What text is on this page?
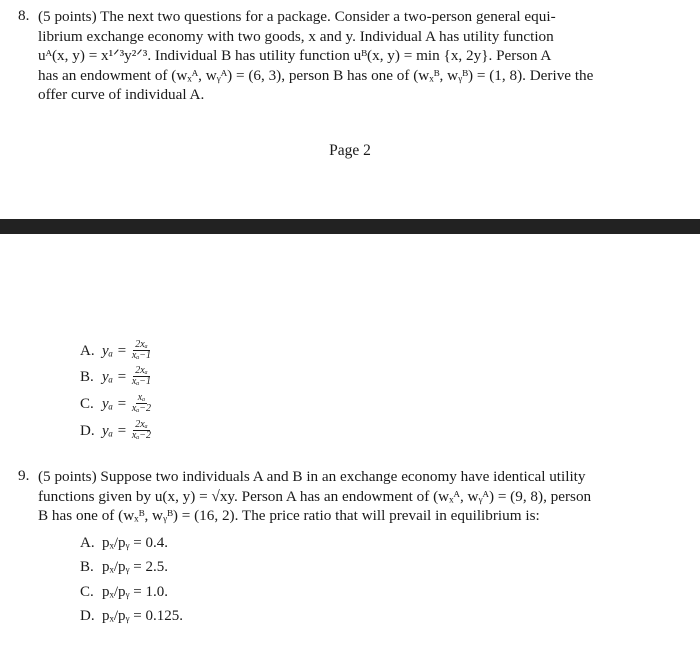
8. (5 points) The next two questions for a package. Consider a two-person general equi-
librium exchange economy with two goods, x and y. Individual A has utility function
uᴬ(x, y) = x¹ᐟ³y²ᐟ³. Individual B has utility function uᴮ(x, y) = min {x, 2y}. Person A
has an endowment of (wₓᴬ, wᵧᴬ) = (6, 3), person B has one of (wₓᴮ, wᵧᴮ) = (1, 8). Derive the
offer curve of individual A.
Page 2
A. $y_a = \frac{\text{2xₐ}}{\text{xₐ−1}}$
B. $y_a = \frac{\text{2xₐ}}{\text{xₐ−1}}$
C. $y_a = \frac{\text{xₐ}}{\text{xₐ−2}}$
D. $y_a = \frac{\text{2xₐ}}{\text{xₐ−2}}$
9. (5 points) Suppose two individuals A and B in an exchange economy have identical utility
functions given by u(x, y) = √xy. Person A has an endowment of (wₓᴬ, wᵧᴬ) = (9, 8), person
B has one of (wₓᴮ, wᵧᴮ) = (16, 2). The price ratio that will prevail in equilibrium is:
A. pₓ/pᵧ = 0.4.
B. pₓ/pᵧ = 2.5.
C. pₓ/pᵧ = 1.0.
D. pₓ/pᵧ = 0.125.
